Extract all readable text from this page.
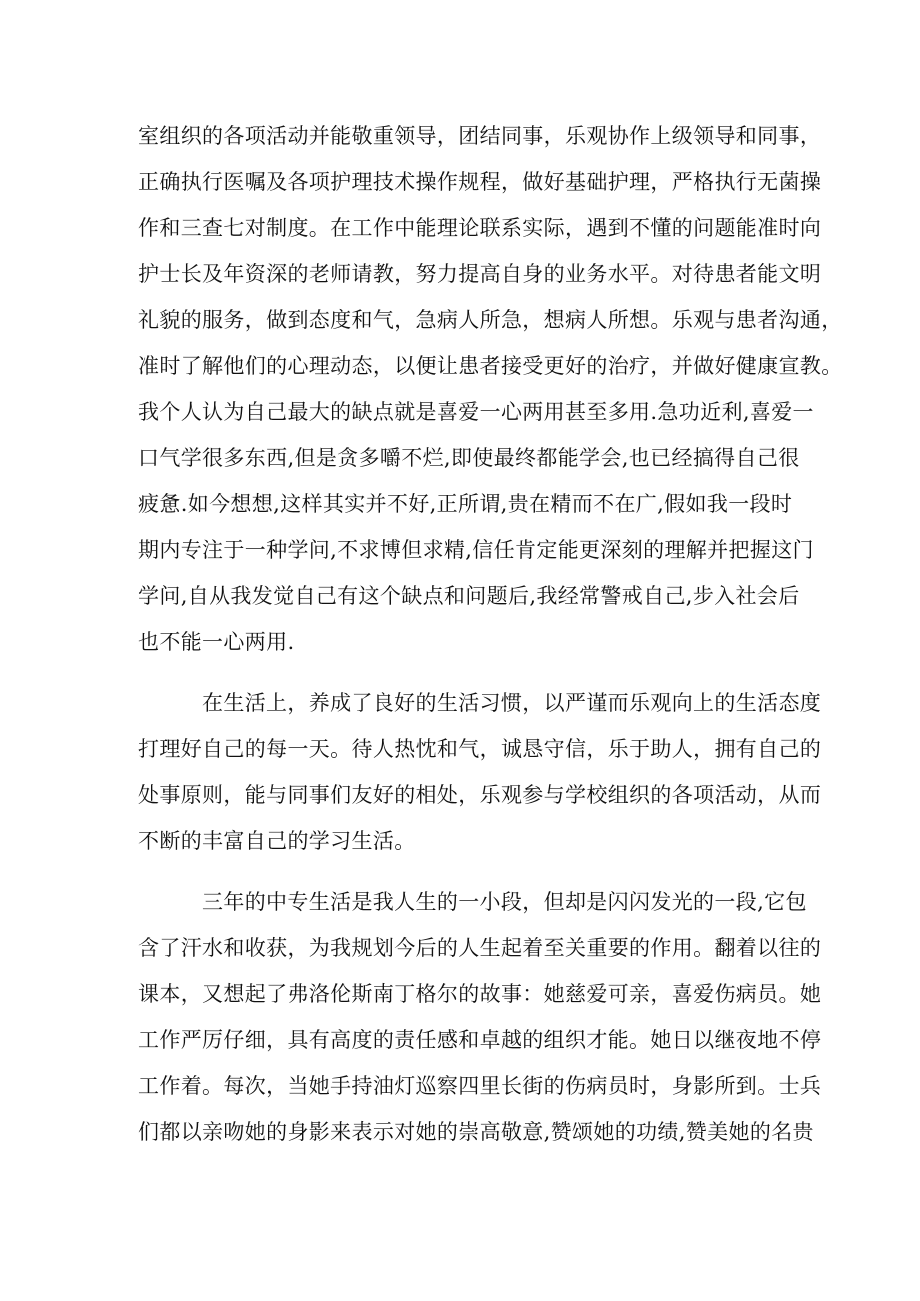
室组织的各项活动并能敬重领导，团结同事，乐观协作上级领导和同事，
正确执行医嘱及各项护理技术操作规程，做好基础护理，严格执行无菌操
作和三查七对制度。在工作中能理论联系实际，遇到不懂的问题能准时向
护士长及年资深的老师请教，努力提高自身的业务水平。对待患者能文明
礼貌的服务，做到态度和气，急病人所急，想病人所想。乐观与患者沟通，
准时了解他们的心理动态，以便让患者接受更好的治疗，并做好健康宣教。
我个人认为自己最大的缺点就是喜爱一心两用甚至多用.急功近利,喜爱一
口气学很多东西,但是贪多嚼不烂,即使最终都能学会,也已经搞得自己很
疲惫.如今想想,这样其实并不好,正所谓,贵在精而不在广,假如我一段时
期内专注于一种学问,不求博但求精,信任肯定能更深刻的理解并把握这门
学问,自从我发觉自己有这个缺点和问题后,我经常警戒自己,步入社会后
也不能一心两用.
在生活上，养成了良好的生活习惯，以严谨而乐观向上的生活态度
打理好自己的每一天。待人热忱和气，诚恳守信，乐于助人，拥有自己的
处事原则，能与同事们友好的相处，乐观参与学校组织的各项活动，从而
不断的丰富自己的学习生活。
三年的中专生活是我人生的一小段，但却是闪闪发光的一段,它包
含了汗水和收获，为我规划今后的人生起着至关重要的作用。翻着以往的
课本，又想起了弗洛伦斯南丁格尔的故事：她慈爱可亲，喜爱伤病员。她
工作严厉仔细，具有高度的责任感和卓越的组织才能。她日以继夜地不停
工作着。每次，当她手持油灯巡察四里长街的伤病员时，身影所到。士兵
们都以亲吻她的身影来表示对她的崇高敬意,赞颂她的功绩,赞美她的名贵
